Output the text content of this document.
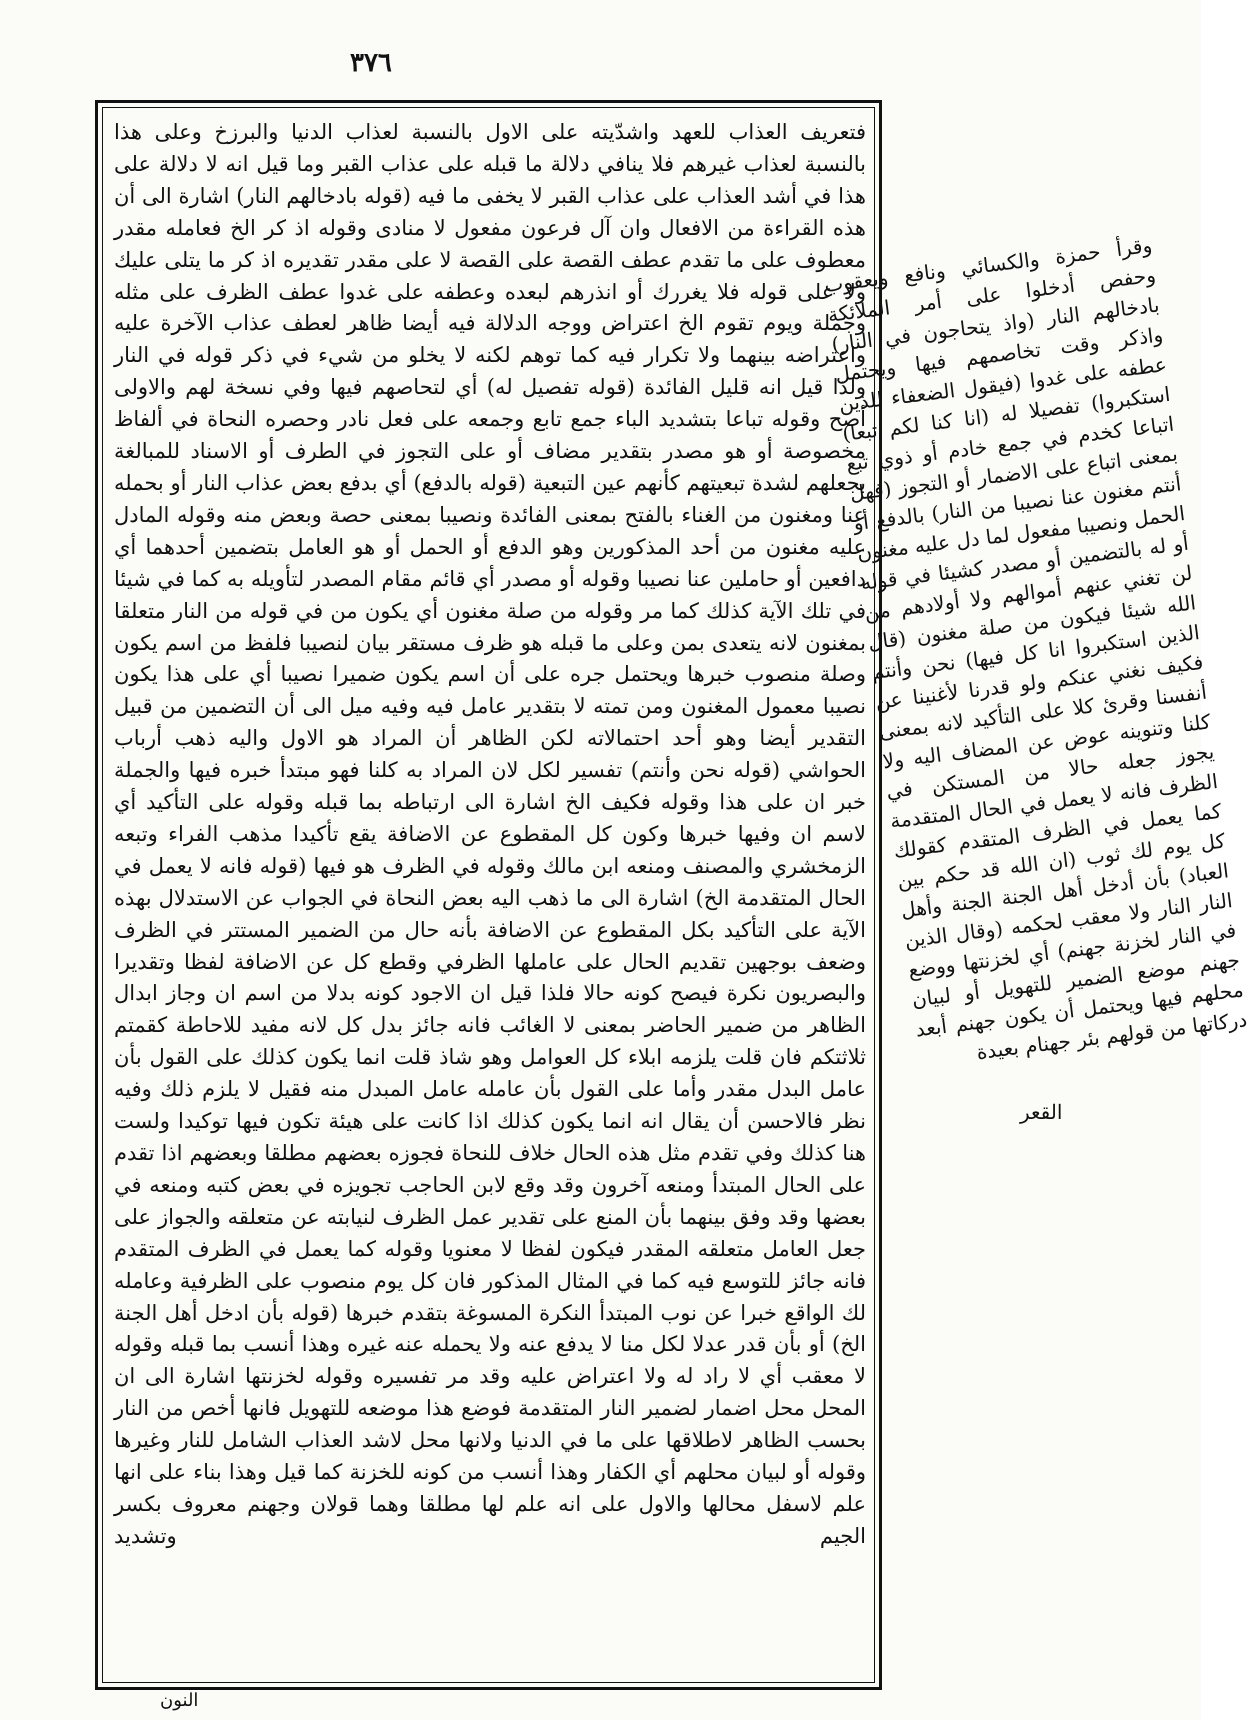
٣٧٦

فتعريف العذاب للعهد واشدّيته على الاول بالنسبة لعذاب الدنيا والبرزخ وعلى هذا بالنسبة لعذاب غيرهم فلا ينافي دلالة ما قبله على عذاب القبر وما قيل انه لا دلالة على هذا في أشد العذاب على عذاب القبر لا يخفى ما فيه (قوله بادخالهم النار) اشارة الى أن هذه القراءة من الافعال وان آل فرعون مفعول لا منادى وقوله اذ كر الخ فعامله مقدر معطوف على ما تقدم عطف القصة على القصة لا على مقدر تقديره اذ كر ما يتلى عليك ولا على قوله فلا يغررك أو انذرهم لبعده وعطفه على غدوا عطف الظرف على مثله وجملة ويوم تقوم الخ اعتراض ووجه الدلالة فيه أيضا ظاهر لعطف عذاب الآخرة عليه واعتراضه بينهما ولا تكرار فيه كما توهم لكنه لا يخلو من شيء في ذكر قوله في النار ولذا قيل انه قليل الفائدة (قوله تفصيل له) أي لتحاصهم فيها وفي نسخة لهم والاولى أصح وقوله تباعا بتشديد الباء جمع تابع وجمعه على فعل نادر وحصره النحاة في ألفاظ مخصوصة أو هو مصدر بتقدير مضاف أو على التجوز في الطرف أو الاسناد للمبالغة بجعلهم لشدة تبعيتهم كأنهم عين التبعية (قوله بالدفع) أي بدفع بعض عذاب النار أو بحمله عنا ومغنون من الغناء بالفتح بمعنى الفائدة ونصيبا بمعنى حصة وبعض منه وقوله المادل عليه مغنون من أحد المذكورين وهو الدفع أو الحمل أو هو العامل بتضمين أحدهما أي دافعين أو حاملين عنا نصيبا وقوله أو مصدر أي قائم مقام المصدر لتأويله به كما في شيئا في تلك الآية كذلك كما مر وقوله من صلة مغنون أي يكون من في قوله من النار متعلقا بمغنون لانه يتعدى بمن وعلى ما قبله هو ظرف مستقر بيان لنصيبا فلفظ من اسم يكون وصلة منصوب خبرها ويحتمل جره على أن اسم يكون ضميرا نصيبا أي على هذا يكون نصيبا معمول المغنون ومن تمته لا بتقدير عامل فيه وفيه ميل الى أن التضمين من قبيل التقدير أيضا وهو أحد احتمالاته لكن الظاهر أن المراد هو الاول واليه ذهب أرباب الحواشي (قوله نحن وأنتم) تفسير لكل لان المراد به كلنا فهو مبتدأ خبره فيها والجملة خبر ان على هذا وقوله فكيف الخ اشارة الى ارتباطه بما قبله وقوله على التأكيد أي لاسم ان وفيها خبرها وكون كل المقطوع عن الاضافة يقع تأكيدا مذهب الفراء وتبعه الزمخشري والمصنف ومنعه ابن مالك وقوله في الظرف هو فيها (قوله فانه لا يعمل في الحال المتقدمة الخ) اشارة الى ما ذهب اليه بعض النحاة في الجواب عن الاستدلال بهذه الآية على التأكيد بكل المقطوع عن الاضافة بأنه حال من الضمير المستتر في الظرف وضعف بوجهين تقديم الحال على عاملها الظرفي وقطع كل عن الاضافة لفظا وتقديرا والبصريون نكرة فيصح كونه حالا فلذا قيل ان الاجود كونه بدلا من اسم ان وجاز ابدال الظاهر من ضمير الحاضر بمعنى لا الغائب فانه جائز بدل كل لانه مفيد للاحاطة كقمتم ثلاثتكم فان قلت يلزمه ابلاء كل العوامل وهو شاذ قلت انما يكون كذلك على القول بأن عامل البدل مقدر وأما على القول بأن عامله عامل المبدل منه فقيل لا يلزم ذلك وفيه نظر فالاحسن أن يقال انه انما يكون كذلك اذا كانت على هيئة تكون فيها توكيدا ولست هنا كذلك وفي تقدم مثل هذه الحال خلاف للنحاة فجوزه بعضهم مطلقا وبعضهم اذا تقدم على الحال المبتدأ ومنعه آخرون وقد وقع لابن الحاجب تجويزه في بعض كتبه ومنعه في بعضها وقد وفق بينهما بأن المنع على تقدير عمل الظرف لنيابته عن متعلقه والجواز على جعل العامل متعلقه المقدر فيكون لفظا لا معنويا وقوله كما يعمل في الظرف المتقدم فانه جائز للتوسع فيه كما في المثال المذكور فان كل يوم منصوب على الظرفية وعامله لك الواقع خبرا عن نوب المبتدأ النكرة المسوغة بتقدم خبرها (قوله بأن ادخل أهل الجنة الخ) أو بأن قدر عدلا لكل منا لا يدفع عنه ولا يحمله عنه غيره وهذا أنسب بما قبله وقوله لا معقب أي لا راد له ولا اعتراض عليه وقد مر تفسيره وقوله لخزنتها اشارة الى ان المحل محل اضمار لضمير النار المتقدمة فوضع هذا موضعه للتهويل فانها أخص من النار بحسب الظاهر لاطلاقها على ما في الدنيا ولانها محل لاشد العذاب الشامل للنار وغيرها وقوله أو لبيان محلهم أي الكفار وهذا أنسب من كونه للخزنة كما قيل وهذا بناء على انها علم لاسفل محالها والاول على انه علم لها مطلقا وهما قولان وجهنم معروف بكسر الجيم وتشديد

وقرأ حمزة والكسائي ونافع ويعقوب وحفص أدخلوا على أمر الملائكة بادخالهم النار (واذ يتحاجون في النار) واذكر وقت تخاصمهم فيها ويحتمل عطفه على غدوا (فيقول الضعفاء للذين استكبروا) تفصيلا له (انا كنا لكم تبعا) اتباعا كخدم في جمع خادم أو ذوي تبع بمعنى اتباع على الاضمار أو التجوز (فهل أنتم مغنون عنا نصيبا من النار) بالدفع أو الحمل ونصيبا مفعول لما دل عليه مغنون أو له بالتضمين أو مصدر كشيئا في قوله لن تغني عنهم أموالهم ولا أولادهم من الله شيئا فيكون من صلة مغنون (قال الذين استكبروا انا كل فيها) نحن وأنتم فكيف نغني عنكم ولو قدرنا لأغنينا عن أنفسنا وقرئ كلا على التأكيد لانه بمعنى كلنا وتنوينه عوض عن المضاف اليه ولا يجوز جعله حالا من المستكن في الظرف فانه لا يعمل في الحال المتقدمة كما يعمل في الظرف المتقدم كقولك كل يوم لك ثوب (ان الله قد حكم بين العباد) بأن أدخل أهل الجنة الجنة وأهل النار النار ولا معقب لحكمه (وقال الذين في النار لخزنة جهنم) أي لخزنتها ووضع جهنم موضع الضمير للتهويل أو لبيان محلهم فيها ويحتمل أن يكون جهنم أبعد دركاتها من قولهم بئر جهنام بعيدة

القعر
النون
